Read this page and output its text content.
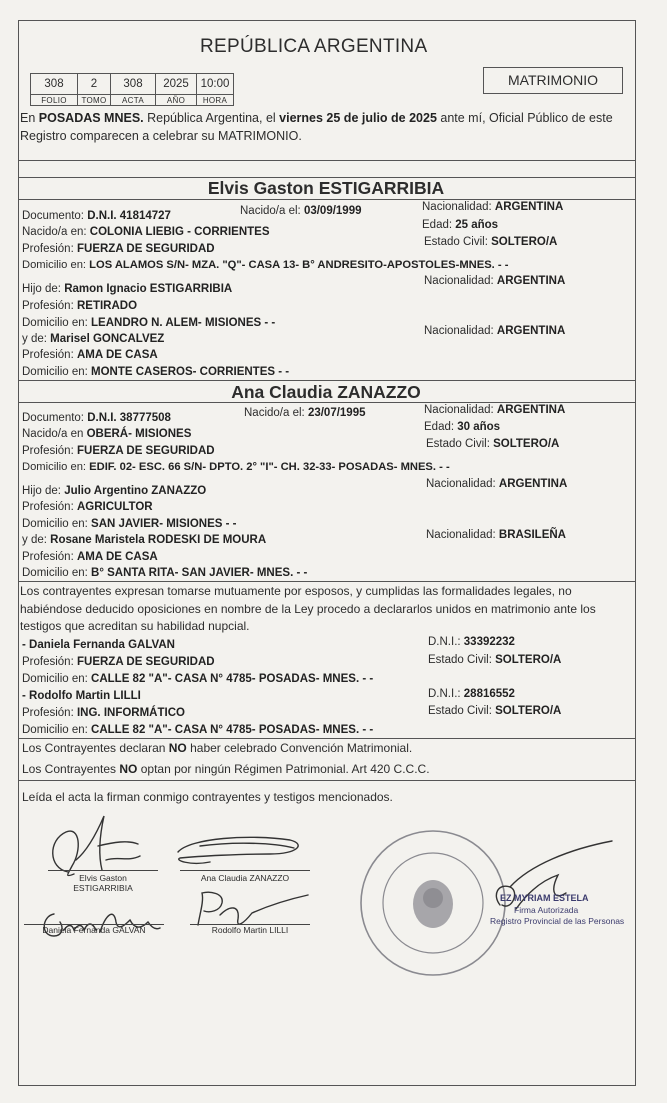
REPÚBLICA ARGENTINA
308	2	308	2025	10:00
FOLIO	TOMO	ACTA	AÑO	HORA
MATRIMONIO
En POSADAS MNES. República Argentina, el viernes 25 de julio de 2025 ante mí, Oficial Público de este Registro comparecen a celebrar su MATRIMONIO.
Elvis Gaston ESTIGARRIBIA
Documento: D.N.I. 41814727	Nacido/a el: 03/09/1999	Nacionalidad: ARGENTINA
Nacido/a en: COLONIA LIEBIG - CORRIENTES
Edad: 25 años
Profesión: FUERZA DE SEGURIDAD
Estado Civil: SOLTERO/A
Domicilio en: LOS ALAMOS S/N- MZA. "Q"- CASA 13- B° ANDRESITO-APOSTOLES-MNES. - -
Hijo de: Ramon Ignacio ESTIGARRIBIA
Nacionalidad: ARGENTINA
Profesión: RETIRADO
Domicilio en: LEANDRO N. ALEM- MISIONES - -
y de: Marisel GONCALVEZ
Nacionalidad: ARGENTINA
Profesión: AMA DE CASA
Domicilio en: MONTE CASEROS- CORRIENTES - -
Ana Claudia ZANAZZO
Documento: D.N.I. 38777508	Nacido/a el: 23/07/1995	Nacionalidad: ARGENTINA
Nacido/a en OBERÁ- MISIONES
Edad: 30 años
Profesión: FUERZA DE SEGURIDAD
Estado Civil: SOLTERO/A
Domicilio en: EDIF. 02- ESC. 66 S/N- DPTO. 2° "I"- CH. 32-33- POSADAS- MNES. - -
Hijo de: Julio Argentino ZANAZZO
Nacionalidad: ARGENTINA
Profesión: AGRICULTOR
Domicilio en: SAN JAVIER- MISIONES - -
y de: Rosane Maristela RODESKI DE MOURA	Nacionalidad: BRASILEÑA
Profesión: AMA DE CASA
Domicilio en: B° SANTA RITA- SAN JAVIER- MNES. - -
Los contrayentes expresan tomarse mutuamente por esposos, y cumplidas las formalidades legales, no habiéndose deducido oposiciones en nombre de la Ley procedo a declararlos unidos en matrimonio ante los testigos que acreditan su habilidad nupcial.
- Daniela Fernanda GALVAN	D.N.I.: 33392232
Profesión: FUERZA DE SEGURIDAD	Estado Civil: SOLTERO/A
Domicilio en: CALLE 82 "A"- CASA N° 4785- POSADAS- MNES. - -
- Rodolfo Martin LILLI	D.N.I.: 28816552
Profesión: ING. INFORMÁTICO	Estado Civil: SOLTERO/A
Domicilio en: CALLE 82 "A"- CASA N° 4785- POSADAS- MNES. - -
Los Contrayentes declaran NO haber celebrado Convención Matrimonial.
Los Contrayentes NO optan por ningún Régimen Patrimonial. Art 420 C.C.C.
Leída el acta la firman conmigo contrayentes y testigos mencionados.
Elvis Gaston
ESTIGARRIBIA
Ana Claudia ZANAZZO
Daniela Fernanda GALVAN	Rodolfo Martin LILLI
EZ MYRIAM ESTELA
Firma Autorizada
Registro Provincial de las Personas
